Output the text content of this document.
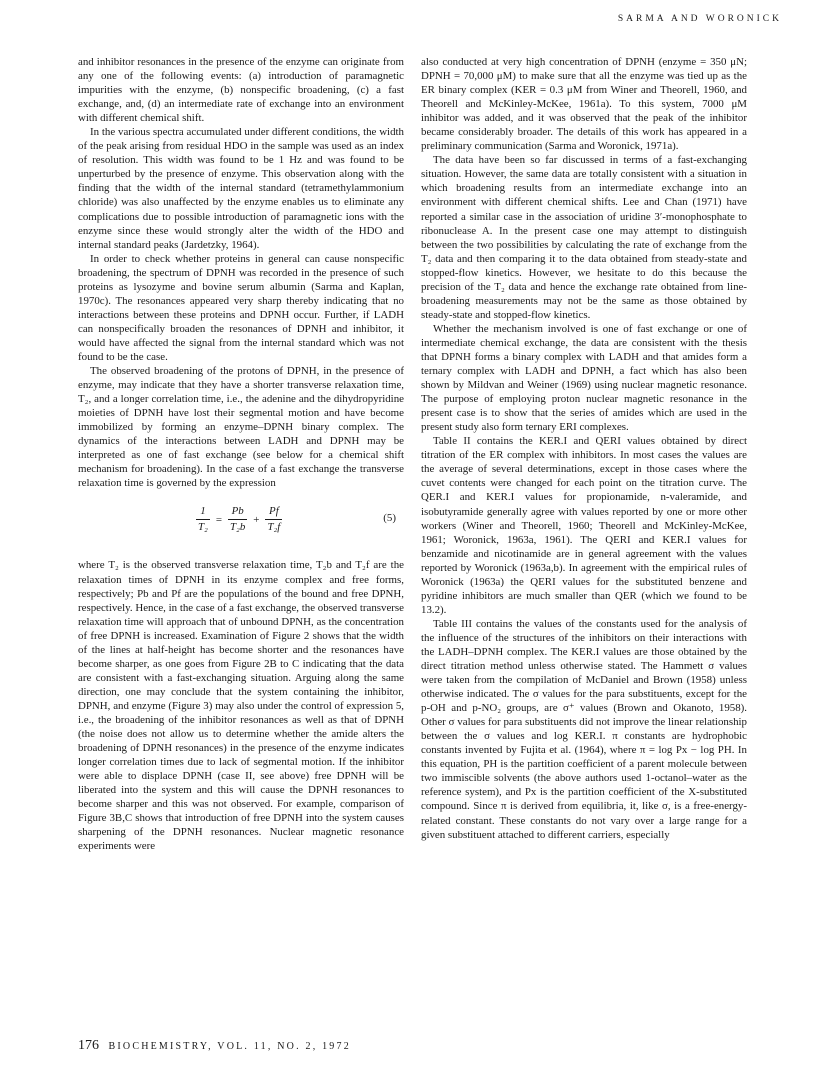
SARMA AND WORONICK

and inhibitor resonances in the presence of the enzyme can originate from any one of the following events: (a) introduction of paramagnetic impurities with the enzyme, (b) nonspecific broadening, (c) a fast exchange, and, (d) an intermediate rate of exchange into an environment with different chemical shift.

In the various spectra accumulated under different conditions, the width of the peak arising from residual HDO in the sample was used as an index of resolution. This width was found to be 1 Hz and was found to be unperturbed by the presence of enzyme. This observation along with the finding that the width of the internal standard (tetramethylammonium chloride) was also unaffected by the enzyme enables us to eliminate any complications due to possible introduction of paramagnetic ions with the enzyme since these would strongly alter the width of the HDO and internal standard peaks (Jardetzky, 1964).

In order to check whether proteins in general can cause nonspecific broadening, the spectrum of DPNH was recorded in the presence of such proteins as lysozyme and bovine serum albumin (Sarma and Kaplan, 1970c). The resonances appeared very sharp thereby indicating that no interactions between these proteins and DPNH occur. Further, if LADH can nonspecifically broaden the resonances of DPNH and inhibitor, it would have affected the signal from the internal standard which was not found to be the case.

The observed broadening of the protons of DPNH, in the presence of enzyme, may indicate that they have a shorter transverse relaxation time, T₂, and a longer correlation time, i.e., the adenine and the dihydropyridine moieties of DPNH have lost their segmental motion and have become immobilized by forming an enzyme–DPNH binary complex. The dynamics of the interactions between LADH and DPNH may be interpreted as one of fast exchange (see below for a chemical shift mechanism for broadening). In the case of a fast exchange the transverse relaxation time is governed by the expression

$\frac{1}{\text{T₂}} = \frac{Pb}{\text{T₂b}} + \frac{Pf}{\text{T₂f}}$	(5)

where T₂ is the observed transverse relaxation time, T₂b and T₂f are the relaxation times of DPNH in its enzyme complex and free forms, respectively; Pb and Pf are the populations of the bound and free DPNH, respectively. Hence, in the case of a fast exchange, the observed transverse relaxation time will approach that of unbound DPNH, as the concentration of free DPNH is increased. Examination of Figure 2 shows that the width of the lines at half-height has become shorter and the resonances have become sharper, as one goes from Figure 2B to C indicating that the data are consistent with a fast-exchanging situation. Arguing along the same direction, one may conclude that the system containing the inhibitor, DPNH, and enzyme (Figure 3) may also under the control of expression 5, i.e., the broadening of the inhibitor resonances as well as that of DPNH (the noise does not allow us to determine whether the amide alters the broadening of DPNH resonances) in the presence of the enzyme indicates longer correlation times due to lack of segmental motion. If the inhibitor were able to displace DPNH (case II, see above) free DPNH will be liberated into the system and this will cause the DPNH resonances to become sharper and this was not observed. For example, comparison of Figure 3B,C shows that introduction of free DPNH into the system causes sharpening of the DPNH resonances. Nuclear magnetic resonance experiments were

also conducted at very high concentration of DPNH (enzyme = 350 μN; DPNH = 70,000 μM) to make sure that all the enzyme was tied up as the ER binary complex (KER = 0.3 μM from Winer and Theorell, 1960, and Theorell and McKinley-McKee, 1961a). To this system, 7000 μM inhibitor was added, and it was observed that the peak of the inhibitor became considerably broader. The details of this work has appeared in a preliminary communication (Sarma and Woronick, 1971a).

The data have been so far discussed in terms of a fast-exchanging situation. However, the same data are totally consistent with a situation in which broadening results from an intermediate exchange into an environment with different chemical shifts. Lee and Chan (1971) have reported a similar case in the association of uridine 3′-monophosphate to ribonuclease A. In the present case one may attempt to distinguish between the two possibilities by calculating the rate of exchange from the T₂ data and then comparing it to the data obtained from steady-state and stopped-flow kinetics. However, we hesitate to do this because the precision of the T₂ data and hence the exchange rate obtained from line-broadening measurements may not be the same as those obtained by steady-state and stopped-flow kinetics.

Whether the mechanism involved is one of fast exchange or one of intermediate chemical exchange, the data are consistent with the thesis that DPNH forms a binary complex with LADH and that amides form a ternary complex with LADH and DPNH, a fact which has also been shown by Mildvan and Weiner (1969) using nuclear magnetic resonance. The purpose of employing proton nuclear magnetic resonance in the present case is to show that the series of amides which are used in the present study also form ternary ERI complexes.

Table II contains the KER.I and QERI values obtained by direct titration of the ER complex with inhibitors. In most cases the values are the average of several determinations, except in those cases where the cuvet contents were changed for each point on the titration curve. The QER.I and KER.I values for propionamide, n-valeramide, and isobutyramide generally agree with values reported by one or more other workers (Winer and Theorell, 1960; Theorell and McKinley-McKee, 1961; Woronick, 1963a, 1961). The QERI and KER.I values for benzamide and nicotinamide are in general agreement with the values reported by Woronick (1963a,b). In agreement with the empirical rules of Woronick (1963a) the QERI values for the substituted benzene and pyridine inhibitors are much smaller than QER (which we found to be 13.2).

Table III contains the values of the constants used for the analysis of the influence of the structures of the inhibitors on their interactions with the LADH–DPNH complex. The KER.I values are those obtained by the direct titration method unless otherwise stated. The Hammett σ values were taken from the compilation of McDaniel and Brown (1958) unless otherwise indicated. The σ values for the para substituents, except for the p-OH and p-NO₂ groups, are σ⁺ values (Brown and Okanoto, 1958). Other σ values for para substituents did not improve the linear relationship between the σ values and log KER.I. π constants are hydrophobic constants invented by Fujita et al. (1964), where π = log Px − log PH. In this equation, PH is the partition coefficient of a parent molecule between two immiscible solvents (the above authors used 1-octanol–water as the reference system), and Px is the partition coefficient of the X-substituted compound. Since π is derived from equilibria, it, like σ, is a free-energy-related constant. These constants do not vary over a large range for a given substituent attached to different carriers, especially

176 BIOCHEMISTRY, VOL. 11, NO. 2, 1972
